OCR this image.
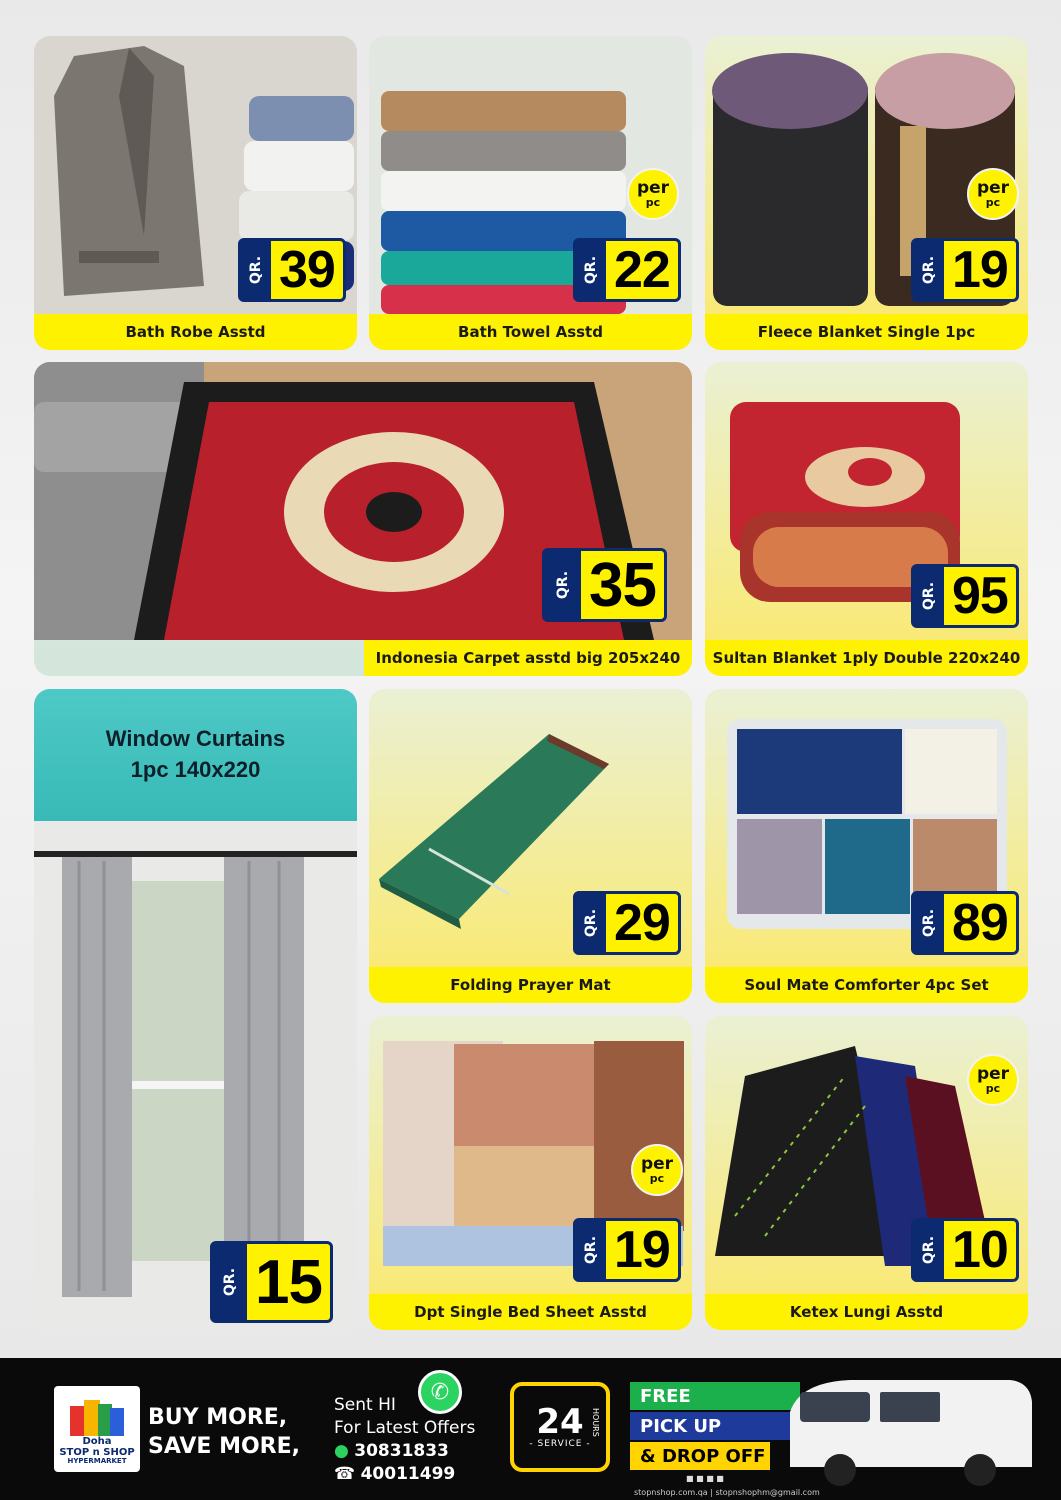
QR. 39
Bath Robe Asstd
per
pc
QR. 22
Bath Towel Asstd
per
pc
QR. 19
Fleece Blanket Single 1pc
QR. 35
Indonesia Carpet asstd big 205x240
QR. 95
Sultan Blanket 1ply Double 220x240
Window Curtains
1pc 140x220
QR. 15
QR. 29
Folding Prayer Mat
QR. 89
Soul Mate Comforter 4pc Set
per
pc
QR. 19
Dpt Single Bed Sheet Asstd
per
pc
QR. 10
Ketex Lungi Asstd
Doha
STOP n SHOP
HYPERMARKET
BUY MORE,
SAVE MORE,
✆
Sent HI
For Latest Offers
● 30831833
☎ 40011499
24 HOURS
- SERVICE -
FREE
PICK UP
& DROP OFF
■ ■ ■ ■
stopnshop.com.qa | stopnshophm@gmail.com
